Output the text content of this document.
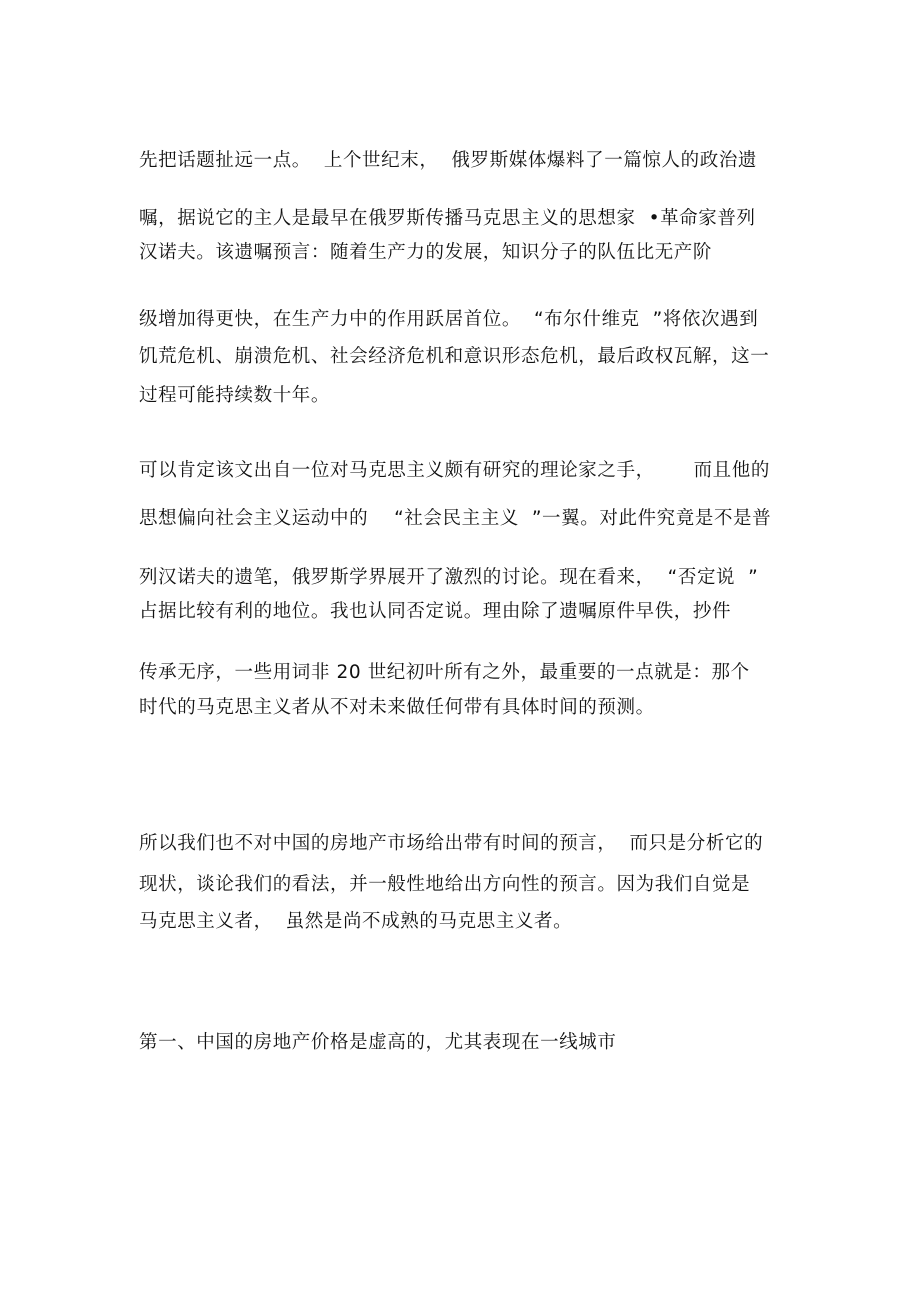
先把话题扯远一点。  上个世纪末，  俄罗斯媒体爆料了一篇惊人的政治遗
嘱，据说它的主人是最早在俄罗斯传播马克思主义的思想家  •革命家普列
汉诺夫。该遗嘱预言：随着生产力的发展，知识分子的队伍比无产阶
级增加得更快，在生产力中的作用跃居首位。  “布尔什维克  ”将依次遇到
饥荒危机、崩溃危机、社会经济危机和意识形态危机，最后政权瓦解，这一
过程可能持续数十年。
可以肯定该文出自一位对马克思主义颇有研究的理论家之手，      而且他的
思想偏向社会主义运动中的    “社会民主主义  ”一翼。对此件究竟是不是普
列汉诺夫的遗笔，俄罗斯学界展开了激烈的讨论。现在看来，  “否定说  ”
占据比较有利的地位。我也认同否定说。理由除了遗嘱原件早佚，抄件
传承无序，一些用词非 20 世纪初叶所有之外，最重要的一点就是：那个
时代的马克思主义者从不对未来做任何带有具体时间的预测。
所以我们也不对中国的房地产市场给出带有时间的预言，  而只是分析它的
现状，谈论我们的看法，并一般性地给出方向性的预言。因为我们自觉是
马克思主义者，  虽然是尚不成熟的马克思主义者。
第一、中国的房地产价格是虚高的，尤其表现在一线城市
